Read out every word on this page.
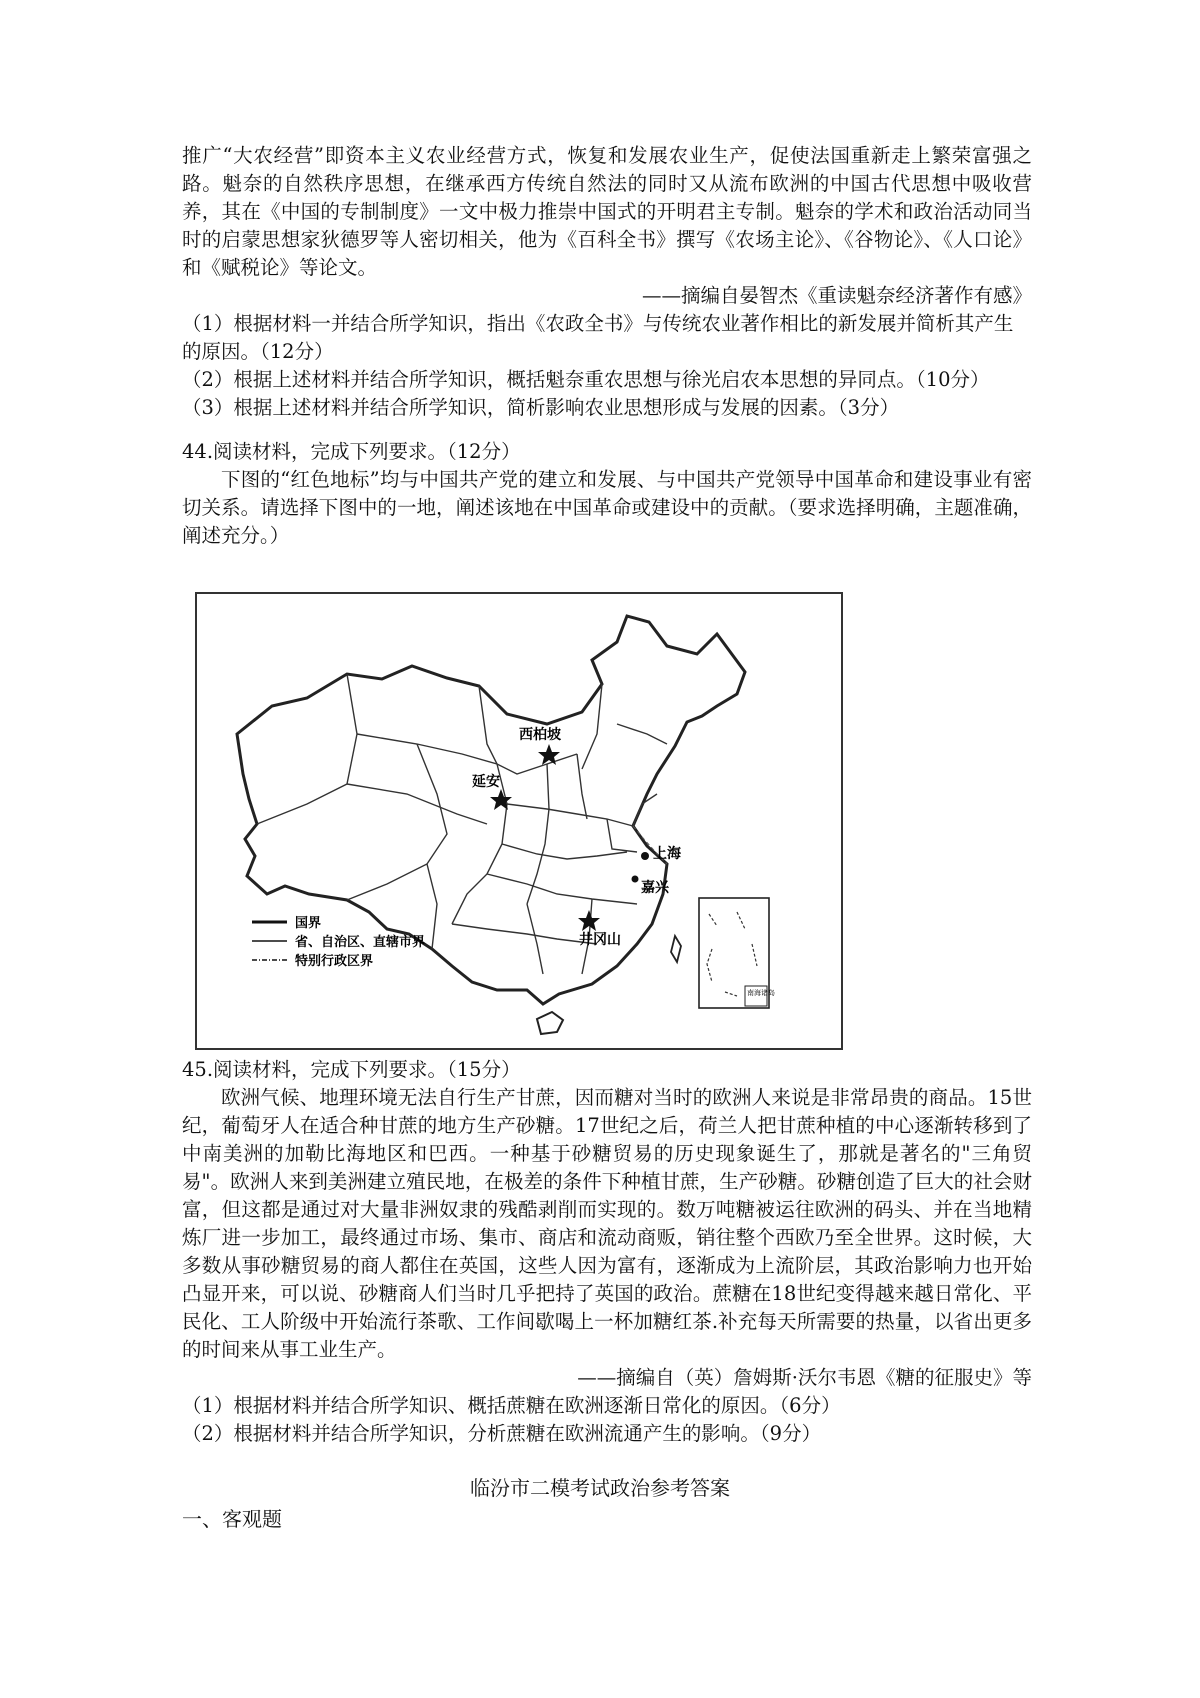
推广“大农经营”即资本主义农业经营方式，恢复和发展农业生产，促使法国重新走上繁荣富强之路。魁奈的自然秩序思想，在继承西方传统自然法的同时又从流布欧洲的中国古代思想中吸收营养，其在《中国的专制制度》一文中极力推崇中国式的开明君主专制。魁奈的学术和政治活动同当时的启蒙思想家狄德罗等人密切相关，他为《百科全书》撰写《农场主论》、《谷物论》、《人口论》和《赋税论》等论文。

——摘编自晏智杰《重读魁奈经济著作有感》

（1）根据材料一并结合所学知识，指出《农政全书》与传统农业著作相比的新发展并简析其产生的原因。（12分）

（2）根据上述材料并结合所学知识，概括魁奈重农思想与徐光启农本思想的异同点。（10分）

（3）根据上述材料并结合所学知识，简析影响农业思想形成与发展的因素。（3分）

44.阅读材料，完成下列要求。（12分）

下图的“红色地标”均与中国共产党的建立和发展、与中国共产党领导中国革命和建设事业有密切关系。请选择下图中的一地，阐述该地在中国革命或建设中的贡献。（要求选择明确，主题准确，阐述充分。）

西柏坡
延安
上海
嘉兴
井冈山
国界
省、自治区、直辖市界
特别行政区界
南海诸岛

45.阅读材料，完成下列要求。（15分）

欧洲气候、地理环境无法自行生产甘蔗，因而糖对当时的欧洲人来说是非常昂贵的商品。15世纪，葡萄牙人在适合种甘蔗的地方生产砂糖。17世纪之后，荷兰人把甘蔗种植的中心逐渐转移到了中南美洲的加勒比海地区和巴西。一种基于砂糖贸易的历史现象诞生了，那就是著名的"三角贸易"。欧洲人来到美洲建立殖民地，在极差的条件下种植甘蔗，生产砂糖。砂糖创造了巨大的社会财富，但这都是通过对大量非洲奴隶的残酷剥削而实现的。数万吨糖被运往欧洲的码头、并在当地精炼厂进一步加工，最终通过市场、集市、商店和流动商贩，销往整个西欧乃至全世界。这时候，大多数从事砂糖贸易的商人都住在英国，这些人因为富有，逐渐成为上流阶层，其政治影响力也开始凸显开来，可以说、砂糖商人们当时几乎把持了英国的政治。蔗糖在18世纪变得越来越日常化、平民化、工人阶级中开始流行茶歌、工作间歇喝上一杯加糖红茶.补充每天所需要的热量，以省出更多的时间来从事工业生产。

——摘编自（英）詹姆斯·沃尔韦恩《糖的征服史》等

（1）根据材料并结合所学知识、概括蔗糖在欧洲逐渐日常化的原因。（6分）

（2）根据材料并结合所学知识，分析蔗糖在欧洲流通产生的影响。（9分）

临汾市二模考试政治参考答案
一、客观题
